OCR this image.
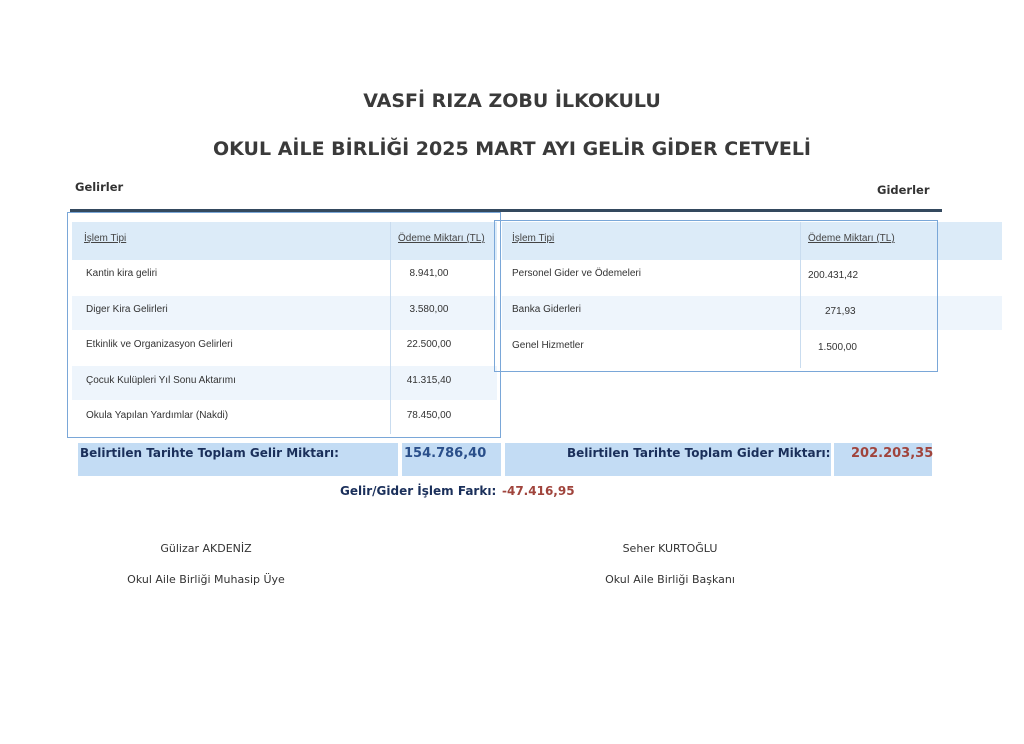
VASFİ RIZA ZOBU İLKOKULU
OKUL AİLE BİRLİĞİ 2025 MART AYI GELİR GİDER CETVELİ
Gelirler	Giderler
İşlem Tipi	Ödeme Miktarı (TL)
Kantin kira geliri	8.941,00
Diger Kira Gelirleri	3.580,00
Etkinlik ve Organizasyon Gelirleri	22.500,00
Çocuk Kulüpleri Yıl Sonu Aktarımı	41.315,40
Okula Yapılan Yardımlar (Nakdi)	78.450,00
İşlem Tipi	Ödeme Miktarı (TL)
Personel Gider ve Ödemeleri	200.431,42
Banka Giderleri	271,93
Genel Hizmetler	1.500,00
Belirtilen Tarihte Toplam Gelir Miktarı:	154.786,40	Belirtilen Tarihte Toplam Gider Miktarı: 202.203,35
Gelir/Gider İşlem Farkı: -47.416,95
Gülizar AKDENİZ
Okul Aile Birliği Muhasip Üye
Seher KURTOĞLU
Okul Aile Birliği Başkanı
